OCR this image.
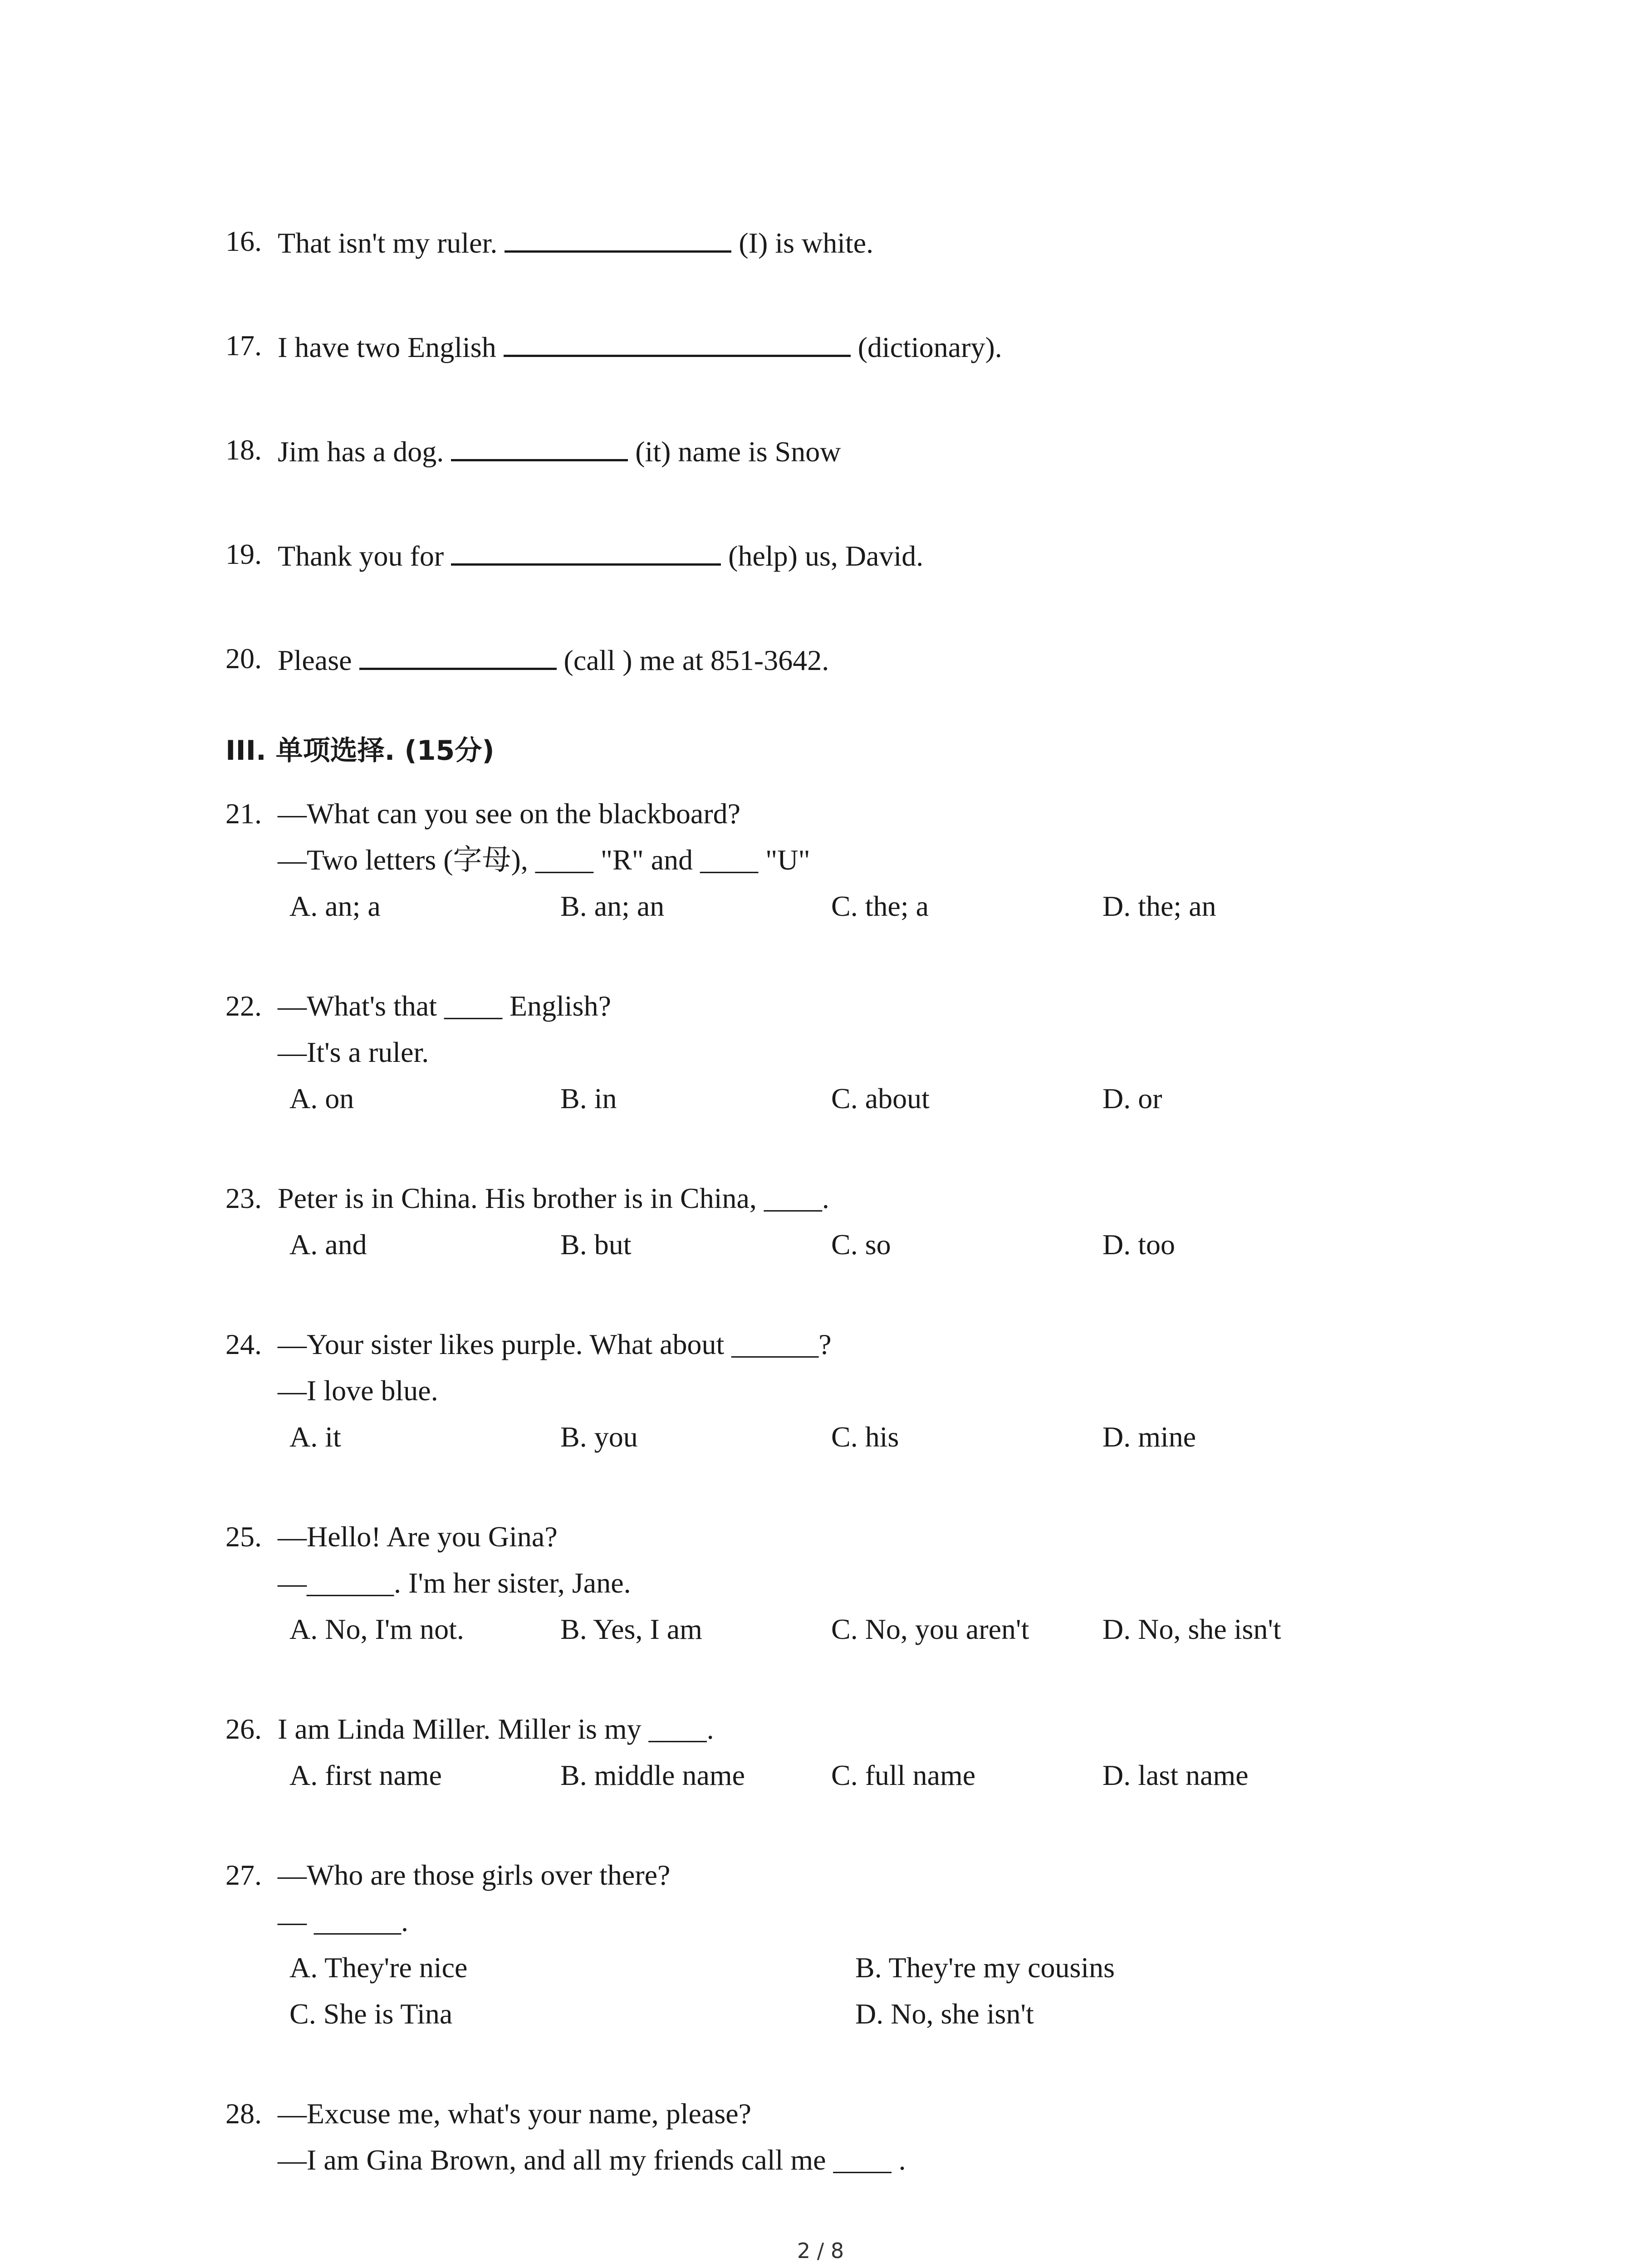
16. That isn't my ruler.	(I) is white.
17. I have two English	(dictionary).
18. Jim has a dog.	(it) name is Snow
19. Thank you for	(help) us, David.
20. Please	(call ) me at 851-3642.
III. 单项选择. (15分)
21. —What can you see on the blackboard?
—Two letters (字母), ____ "R" and ____ "U"
A. an; a	B. an; an	C. the; a	D. the; an
22. —What's that ____ English?
—It's a ruler.
A. on	B. in	C. about	D. or
23. Peter is in China. His brother is in China, ____.
A. and	B. but	C. so	D. too
24. —Your sister likes purple. What about ______?
—I love blue.
A. it	B. you	C. his	D. mine
25. —Hello! Are you Gina?
—______. I'm her sister, Jane.
A. No, I'm not.	B. Yes, I am	C. No, you aren't	D. No, she isn't
26. I am Linda Miller. Miller is my ____.
A. first name	B. middle name	C. full name	D. last name
27. —Who are those girls over there?
— ______.
A. They're nice	B. They're my cousins
C. She is Tina	D. No, she isn't
28. —Excuse me, what's your name, please?
—I am Gina Brown, and all my friends call me ____ .
2 / 8
